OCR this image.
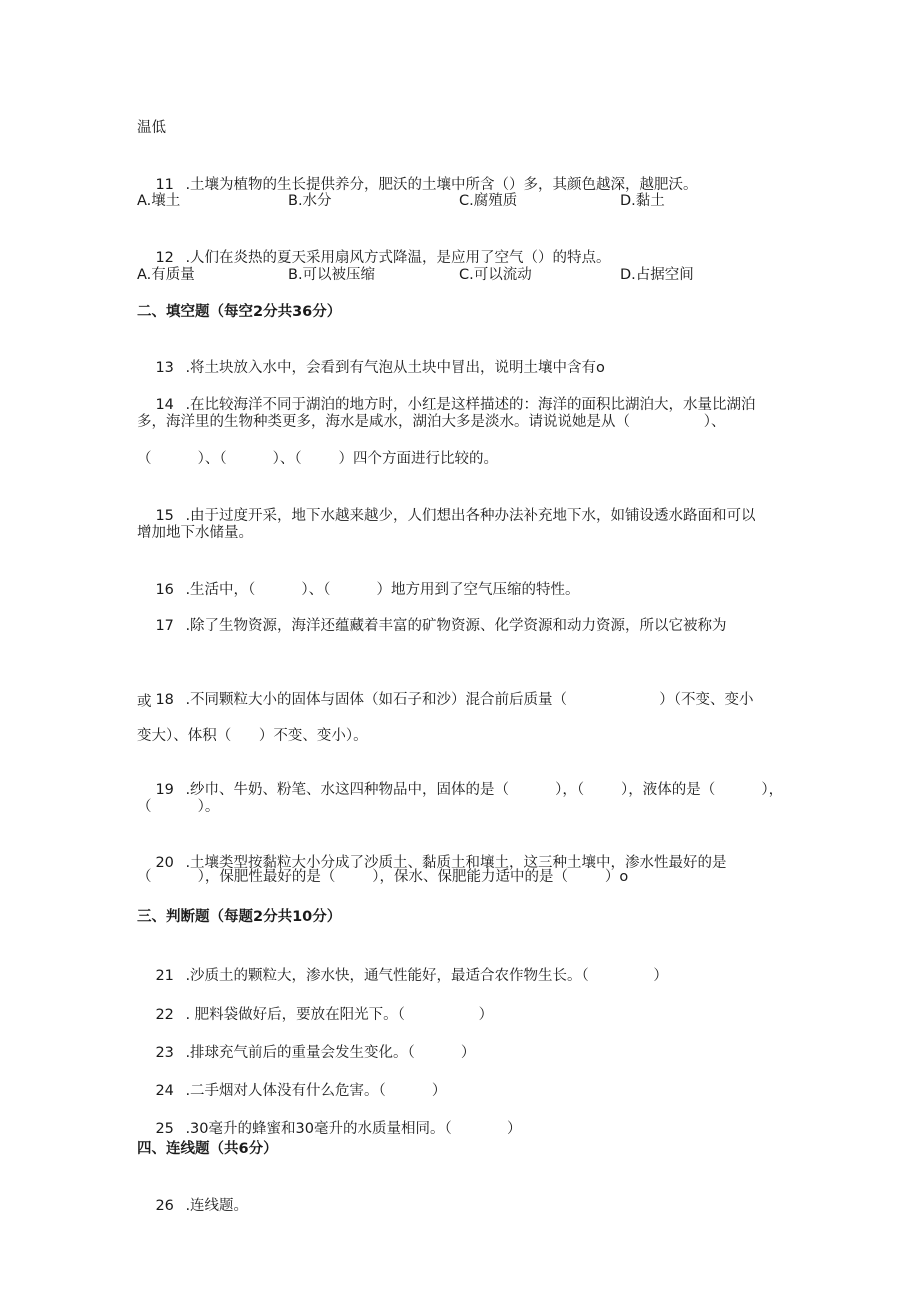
温低

11 .土壤为植物的生长提供养分，肥沃的土壤中所含（）多，其颜色越深，越肥沃。

A.壤土	B.水分	C.腐殖质	D.黏土

12 .人们在炎热的夏天采用扇风方式降温，是应用了空气（）的特点。

A.有质量	B.可以被压缩	C.可以流动	D.占据空间
二、填空题（每空2分共36分）

13 .将土块放入水中，会看到有气泡从土块中冒出，说明土壤中含有o

14 .在比较海洋不同于湖泊的地方时，小红是这样描述的：海洋的面积比湖泊大，水量比湖泊

多，海洋里的生物种类更多，海水是咸水，湖泊大多是淡水。请说说她是从（                ）、
（          ）、（          ）、（        ）四个方面进行比较的。

15 .由于过度开采，地下水越来越少，人们想出各种办法补充地下水，如铺设透水路面和可以

增加地下水储量。

16 .生活中，（          ）、（          ）地方用到了空气压缩的特性。

17 .除了生物资源，海洋还蕴藏着丰富的矿物资源、化学资源和动力资源，所以它被称为

18 .不同颗粒大小的固体与固体（如石子和沙）混合前后质量（                    ）（不变、变小

或
变大）、体积（      ）不变、变小）。

19 .纱巾、牛奶、粉笔、水这四种物品中，固体的是（          ），（        ），液体的是（          ），

（          ）。

20 .土壤类型按黏粒大小分成了沙质土、黏质土和壤土，这三种土壤中，渗水性最好的是

（          ），保肥性最好的是（        ），保水、保肥能力适中的是（        ）o
三、判断题（每题2分共10分）

21 .沙质土的颗粒大，渗水快，通气性能好，最适合农作物生长。（              ）

22 . 肥料袋做好后，要放在阳光下。（                ）

23 .排球充气前后的重量会发生变化。（          ）

24 .二手烟对人体没有什么危害。（          ）

25 .30毫升的蜂蜜和30毫升的水质量相同。（            ）

四、连线题（共6分）

26 .连线题。
